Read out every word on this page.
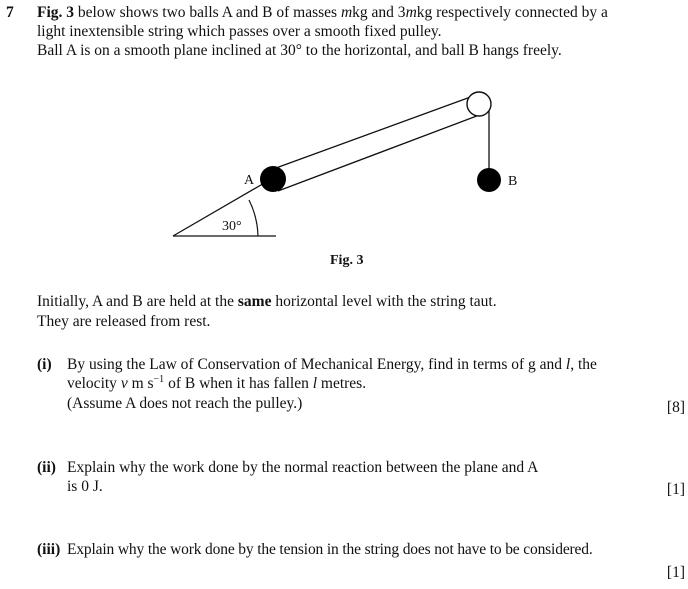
7 Fig. 3 below shows two balls A and B of masses mkg and 3mkg respectively connected by a
light inextensible string which passes over a smooth fixed pulley.
Ball A is on a smooth plane inclined at 30° to the horizontal, and ball B hangs freely.
A	B
30°
Fig. 3
Initially, A and B are held at the same horizontal level with the string taut.
They are released from rest.
(i) By using the Law of Conservation of Mechanical Energy, find in terms of g and l, the
velocity v m $s^{-1}$ of B when it has fallen l metres.
(Assume A does not reach the pulley.)	[8]
(ii) Explain why the work done by the normal reaction between the plane and A
is 0 J.	[1]
(iii) Explain why the work done by the tension in the string does not have to be considered.
[1]
